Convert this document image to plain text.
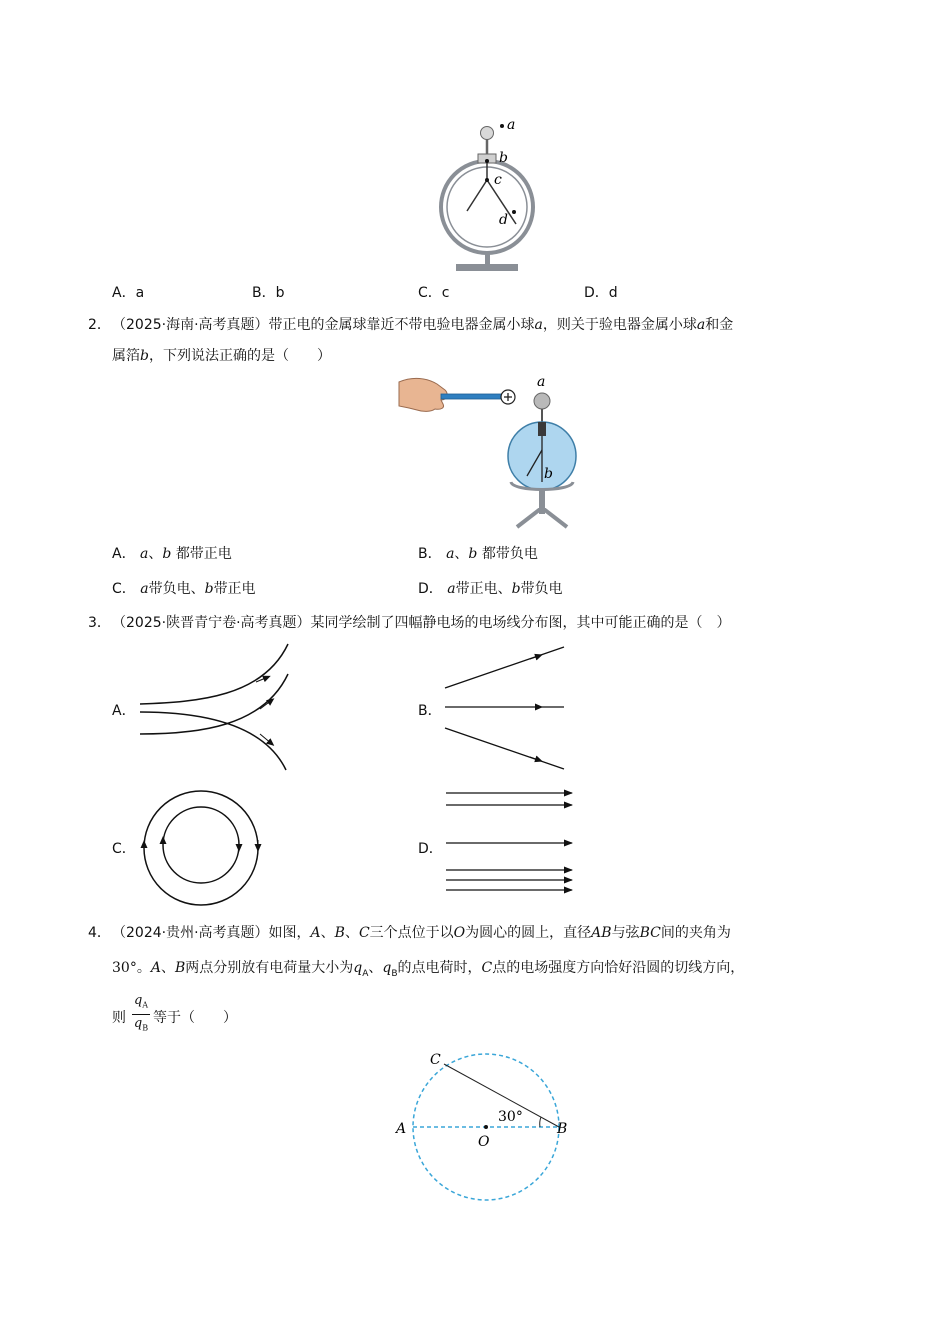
a
b
c
d
A．a	B．b	C．c	D．d
2． （2025·海南·高考真题）带正电的金属球靠近不带电验电器金属小球a，则关于验电器金属小球a和金
属箔b，下列说法正确的是（　　）
a
b
A． a、b 都带正电	B． a、b 都带负电
C． a带负电、b带正电	D． a带正电、b带负电
3． （2025·陕晋青宁卷·高考真题）某同学绘制了四幅静电场的电场线分布图，其中可能正确的是（　）
A．	B．
C．	D．
4． （2024·贵州·高考真题）如图，A、B、C三个点位于以O为圆心的圆上，直径AB与弦BC间的夹角为
30°。A、B两点分别放有电荷量大小为$q_A$、$q_B$的点电荷时，C点的电场强度方向恰好沿圆的切线方向，
则
$q_A$
$q_B$
等于（　　）
C
A	B
O
30°
